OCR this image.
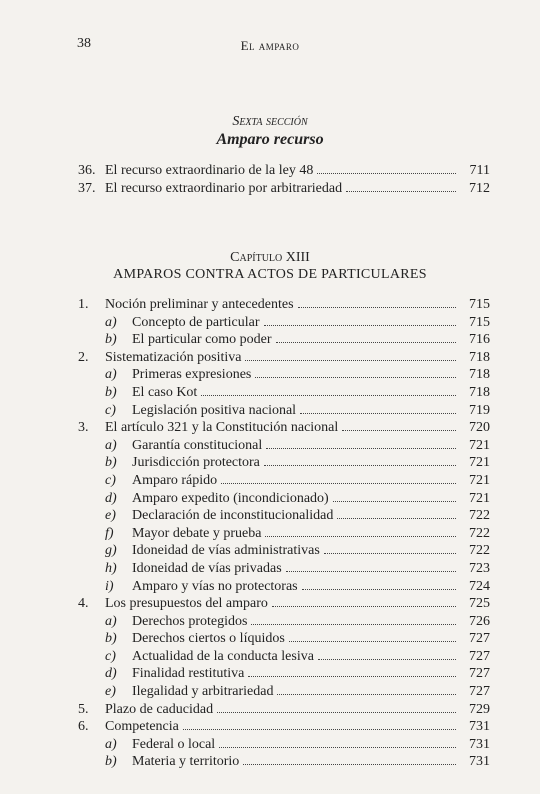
38	El amparo
Sexta sección
Amparo recurso
36. El recurso extraordinario de la ley 48	711
37. El recurso extraordinario por arbitrariedad	712
Capítulo XIII
AMPAROS CONTRA ACTOS DE PARTICULARES
1.	Noción preliminar y antecedentes	715
a)	Concepto de particular	715
b)	El particular como poder	716
2.	Sistematización positiva	718
a)	Primeras expresiones	718
b)	El caso Kot	718
c)	Legislación positiva nacional	719
3.	El artículo 321 y la Constitución nacional	720
a)	Garantía constitucional	721
b)	Jurisdicción protectora	721
c)	Amparo rápido	721
d)	Amparo expedito (incondicionado)	721
e)	Declaración de inconstitucionalidad	722
f)	Mayor debate y prueba	722
g)	Idoneidad de vías administrativas	722
h)	Idoneidad de vías privadas	723
i)	Amparo y vías no protectoras	724
4.	Los presupuestos del amparo	725
a)	Derechos protegidos	726
b)	Derechos ciertos o líquidos	727
c)	Actualidad de la conducta lesiva	727
d)	Finalidad restitutiva	727
e)	Ilegalidad y arbitrariedad	727
5.	Plazo de caducidad	729
6.	Competencia	731
a)	Federal o local	731
b)	Materia y territorio	731
